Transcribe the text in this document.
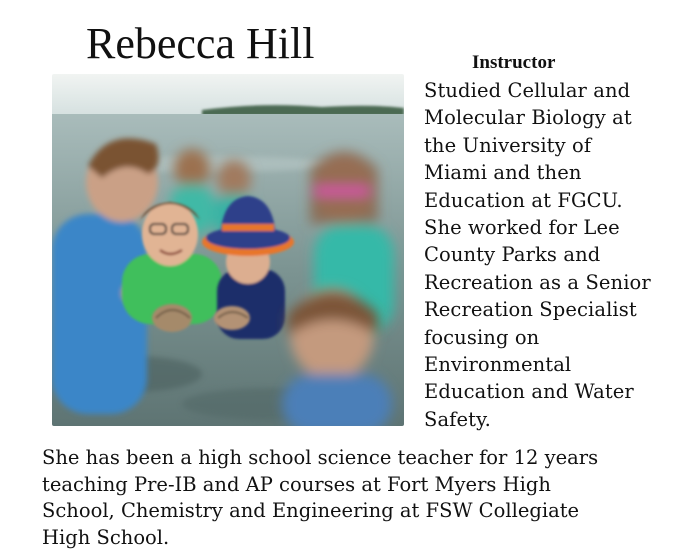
Rebecca Hill	Instructor
Studied Cellular and
Molecular Biology at
the University of
Miami and then
Education at FGCU.
She worked for Lee
County Parks and
Recreation as a Senior
Recreation Specialist
focusing on
Environmental
Education and Water
Safety.
She has been a high school science teacher for 12 years
teaching Pre-IB and AP courses at Fort Myers High
School, Chemistry and Engineering at FSW Collegiate
High School.
